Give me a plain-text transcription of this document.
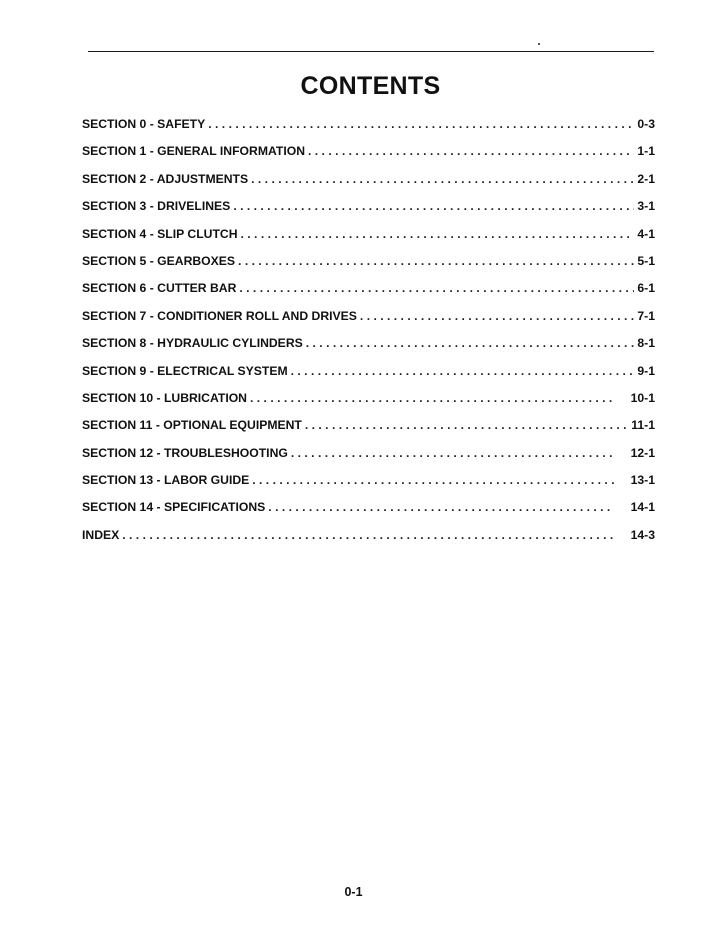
CONTENTS
SECTION 0 - SAFETY . . .	0-3
SECTION 1 - GENERAL INFORMATION . . .	1-1
SECTION 2 - ADJUSTMENTS . . .	2-1
SECTION 3 - DRIVELINES . . .	3-1
SECTION 4 - SLIP CLUTCH . . .	4-1
SECTION 5 - GEARBOXES . . .	5-1
SECTION 6 - CUTTER BAR . . .	6-1
SECTION 7 - CONDITIONER ROLL AND DRIVES . . .	7-1
SECTION 8 - HYDRAULIC CYLINDERS . . .	8-1
SECTION 9 - ELECTRICAL SYSTEM . . .	9-1
SECTION 10 - LUBRICATION . . .	10-1
SECTION 11 - OPTIONAL EQUIPMENT . . .	11-1
SECTION 12 - TROUBLESHOOTING . . .	12-1
SECTION 13 - LABOR GUIDE . . .	13-1
SECTION 14 - SPECIFICATIONS . . .	14-1
INDEX . . .	14-3
0-1
